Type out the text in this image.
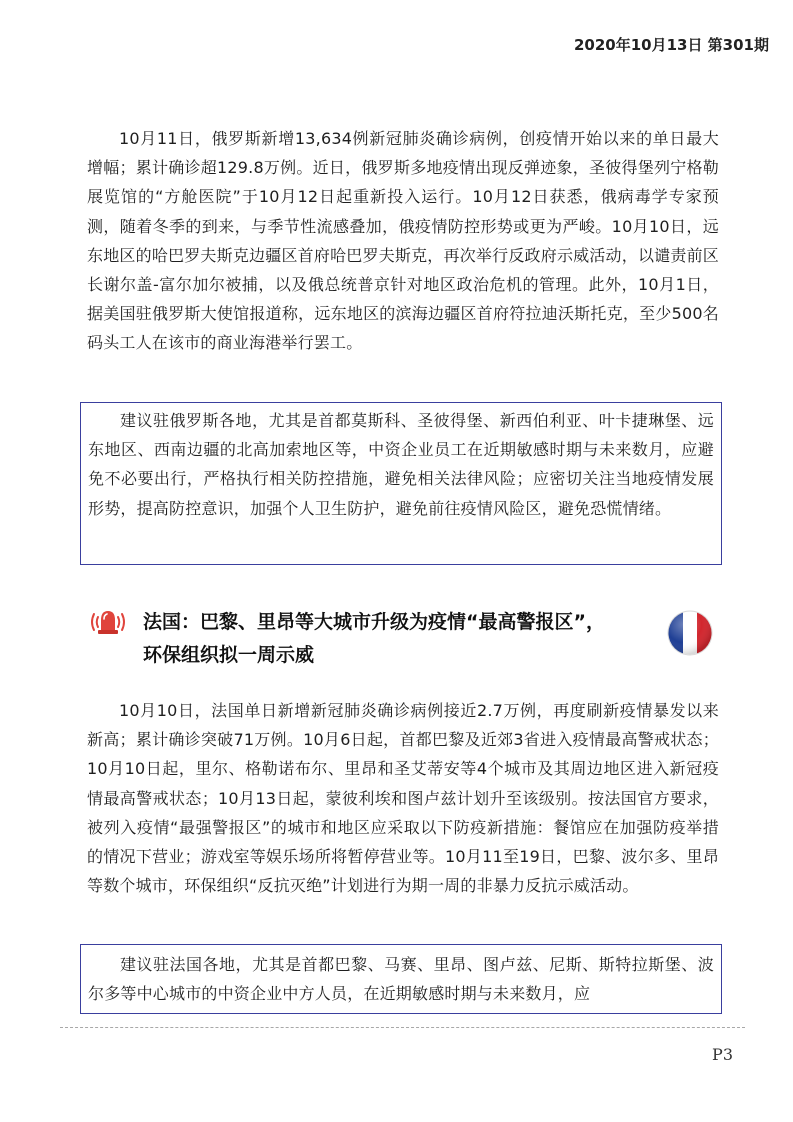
2020年10月13日 第301期

10月11日，俄罗斯新增13,634例新冠肺炎确诊病例，创疫情开始以来的单日最大增幅；累计确诊超129.8万例。近日，俄罗斯多地疫情出现反弹迹象，圣彼得堡列宁格勒展览馆的“方舱医院”于10月12日起重新投入运行。10月12日获悉，俄病毒学专家预测，随着冬季的到来，与季节性流感叠加，俄疫情防控形势或更为严峻。10月10日，远东地区的哈巴罗夫斯克边疆区首府哈巴罗夫斯克，再次举行反政府示威活动，以谴责前区长谢尔盖-富尔加尔被捕，以及俄总统普京针对地区政治危机的管理。此外，10月1日，据美国驻俄罗斯大使馆报道称，远东地区的滨海边疆区首府符拉迪沃斯托克，至少500名码头工人在该市的商业海港举行罢工。

建议驻俄罗斯各地，尤其是首都莫斯科、圣彼得堡、新西伯利亚、叶卡捷琳堡、远东地区、西南边疆的北高加索地区等，中资企业员工在近期敏感时期与未来数月，应避免不必要出行，严格执行相关防控措施，避免相关法律风险；应密切关注当地疫情发展形势，提高防控意识，加强个人卫生防护，避免前往疫情风险区，避免恐慌情绪。

法国：巴黎、里昂等大城市升级为疫情“最高警报区”，
环保组织拟一周示威

10月10日，法国单日新增新冠肺炎确诊病例接近2.7万例，再度刷新疫情暴发以来新高；累计确诊突破71万例。10月6日起，首都巴黎及近郊3省进入疫情最高警戒状态；10月10日起，里尔、格勒诺布尔、里昂和圣艾蒂安等4个城市及其周边地区进入新冠疫情最高警戒状态；10月13日起，蒙彼利埃和图卢兹计划升至该级别。按法国官方要求，被列入疫情“最强警报区”的城市和地区应采取以下防疫新措施：餐馆应在加强防疫举措的情况下营业；游戏室等娱乐场所将暂停营业等。10月11至19日，巴黎、波尔多、里昂等数个城市，环保组织“反抗灭绝”计划进行为期一周的非暴力反抗示威活动。

建议驻法国各地，尤其是首都巴黎、马赛、里昂、图卢兹、尼斯、斯特拉斯堡、波尔多等中心城市的中资企业中方人员，在近期敏感时期与未来数月，应

P3
